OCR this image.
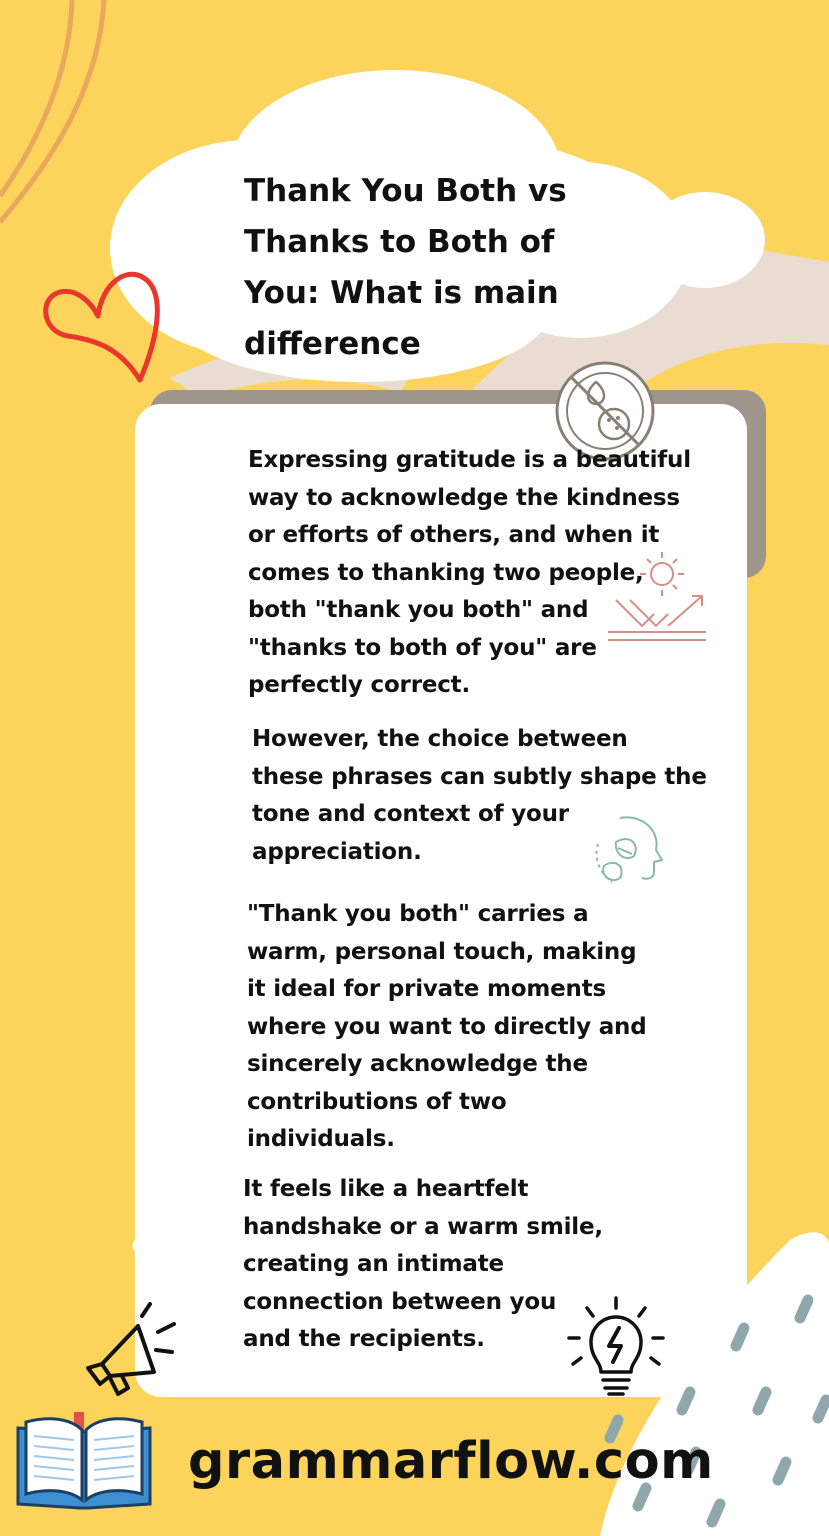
Thank You Both vs
Thanks to Both of
You: What is main
difference

Expressing gratitude is a beautiful
way to acknowledge the kindness
or efforts of others, and when it
comes to thanking two people,
both "thank you both" and
"thanks to both of you" are
perfectly correct.

However, the choice between
these phrases can subtly shape the
tone and context of your
appreciation.

"Thank you both" carries a
warm, personal touch, making
it ideal for private moments
where you want to directly and
sincerely acknowledge the
contributions of two
individuals.

It feels like a heartfelt
handshake or a warm smile,
creating an intimate
connection between you
and the recipients.

grammarflow.com
